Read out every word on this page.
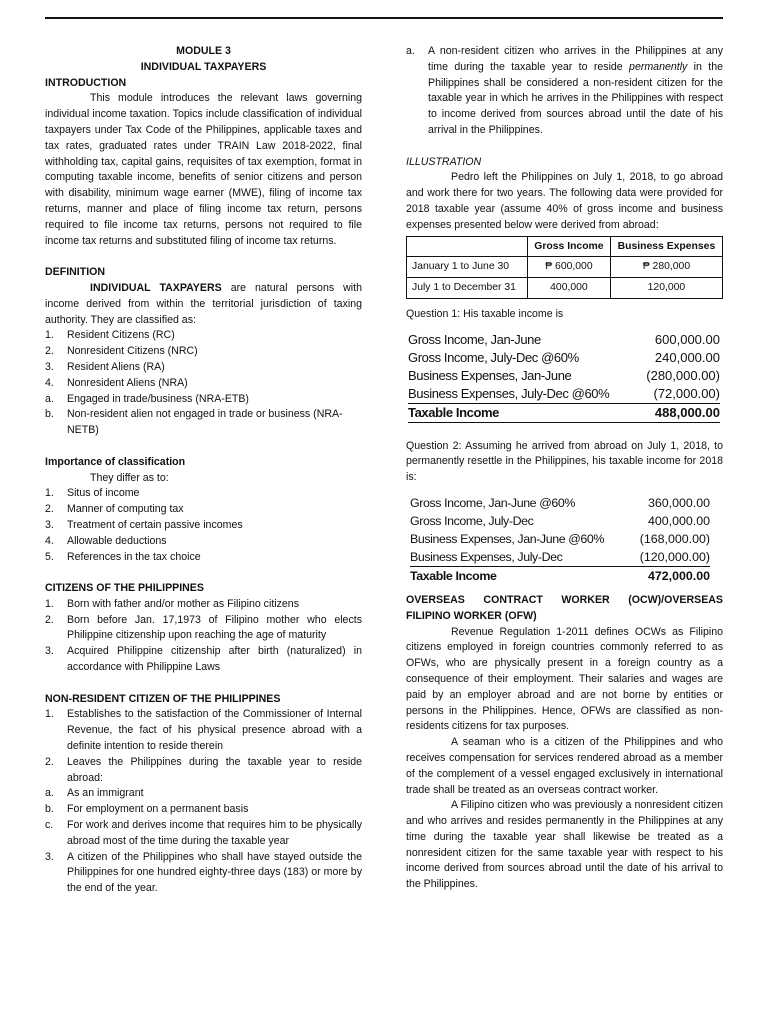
MODULE 3

INDIVIDUAL TAXPAYERS

INTRODUCTION

This module introduces the relevant laws governing individual income taxation. Topics include classification of individual taxpayers under Tax Code of the Philippines, applicable taxes and tax rates, graduated rates under TRAIN Law 2018-2022, final withholding tax, capital gains, requisites of tax exemption, format in computing taxable income, benefits of senior citizens and person with disability, minimum wage earner (MWE), filing of income tax returns, manner and place of filing income tax return, persons required to file income tax returns, persons not required to file income tax returns and substituted filing of income tax returns.

DEFINITION

INDIVIDUAL TAXPAYERS are natural persons with income derived from within the territorial jurisdiction of taxing authority. They are classified as:

1.	Resident Citizens (RC)
2.	Nonresident Citizens (NRC)
3.	Resident Aliens (RA)
4.	Nonresident Aliens (NRA)
a.	Engaged in trade/business (NRA-ETB)
b.	Non-resident alien not engaged in trade or business (NRA-NETB)

Importance of classification

They differ as to:

1.	Situs of income
2.	Manner of computing tax
3.	Treatment of certain passive incomes
4.	Allowable deductions
5.	References in the tax choice

CITIZENS OF THE PHILIPPINES

1.	Born with father and/or mother as Filipino citizens
2.	Born before Jan. 17,1973 of Filipino mother who elects Philippine citizenship upon reaching the age of maturity
3.	Acquired Philippine citizenship after birth (naturalized) in accordance with Philippine Laws

NON-RESIDENT CITIZEN OF THE PHILIPPINES

1.	Establishes to the satisfaction of the Commissioner of Internal Revenue, the fact of his physical presence abroad with a definite intention to reside therein
2.	Leaves the Philippines during the taxable year to reside abroad:
a.	As an immigrant
b.	For employment on a permanent basis
c.	For work and derives income that requires him to be physically abroad most of the time during the taxable year
3.	A citizen of the Philippines who shall have stayed outside the Philippines for one hundred eighty-three days (183) or more by the end of the year.
a.	A non-resident citizen who arrives in the Philippines at any time during the taxable year to reside permanently in the Philippines shall be considered a non-resident citizen for the taxable year in which he arrives in the Philippines with respect to income derived from sources abroad until the date of his arrival in the Philippines.

ILLUSTRATION

Pedro left the Philippines on July 1, 2018, to go abroad and work there for two years. The following data were provided for 2018 taxable year (assume 40% of gross income and business expenses presented below were derived from abroad:

	Gross Income	Business Expenses
January 1 to June 30	₱ 600,000	₱ 280,000
July 1 to December 31	400,000	120,000

Question 1: His taxable income is

Gross Income, Jan-June	600,000.00
Gross Income, July-Dec @60%	240,000.00
Business Expenses, Jan-June	(280,000.00)
Business Expenses, July-Dec @60%	(72,000.00)
Taxable Income	488,000.00

Question 2: Assuming he arrived from abroad on July 1, 2018, to permanently resettle in the Philippines, his taxable income for 2018 is:

Gross Income, Jan-June @60%	360,000.00
Gross Income, July-Dec	400,000.00
Business Expenses, Jan-June @60%	(168,000.00)
Business Expenses, July-Dec	(120,000.00)
Taxable Income	472,000.00

OVERSEAS CONTRACT WORKER (OCW)/OVERSEAS FILIPINO WORKER (OFW)

Revenue Regulation 1-2011 defines OCWs as Filipino citizens employed in foreign countries commonly referred to as OFWs, who are physically present in a foreign country as a consequence of their employment. Their salaries and wages are paid by an employer abroad and are not borne by entities or persons in the Philippines. Hence, OFWs are classified as non-residents citizens for tax purposes.

A seaman who is a citizen of the Philippines and who receives compensation for services rendered abroad as a member of the complement of a vessel engaged exclusively in international trade shall be treated as an overseas contract worker.

A Filipino citizen who was previously a nonresident citizen and who arrives and resides permanently in the Philippines at any time during the taxable year shall likewise be treated as a nonresident citizen for the same taxable year with respect to his income derived from sources abroad until the date of his arrival to the Philippines.
